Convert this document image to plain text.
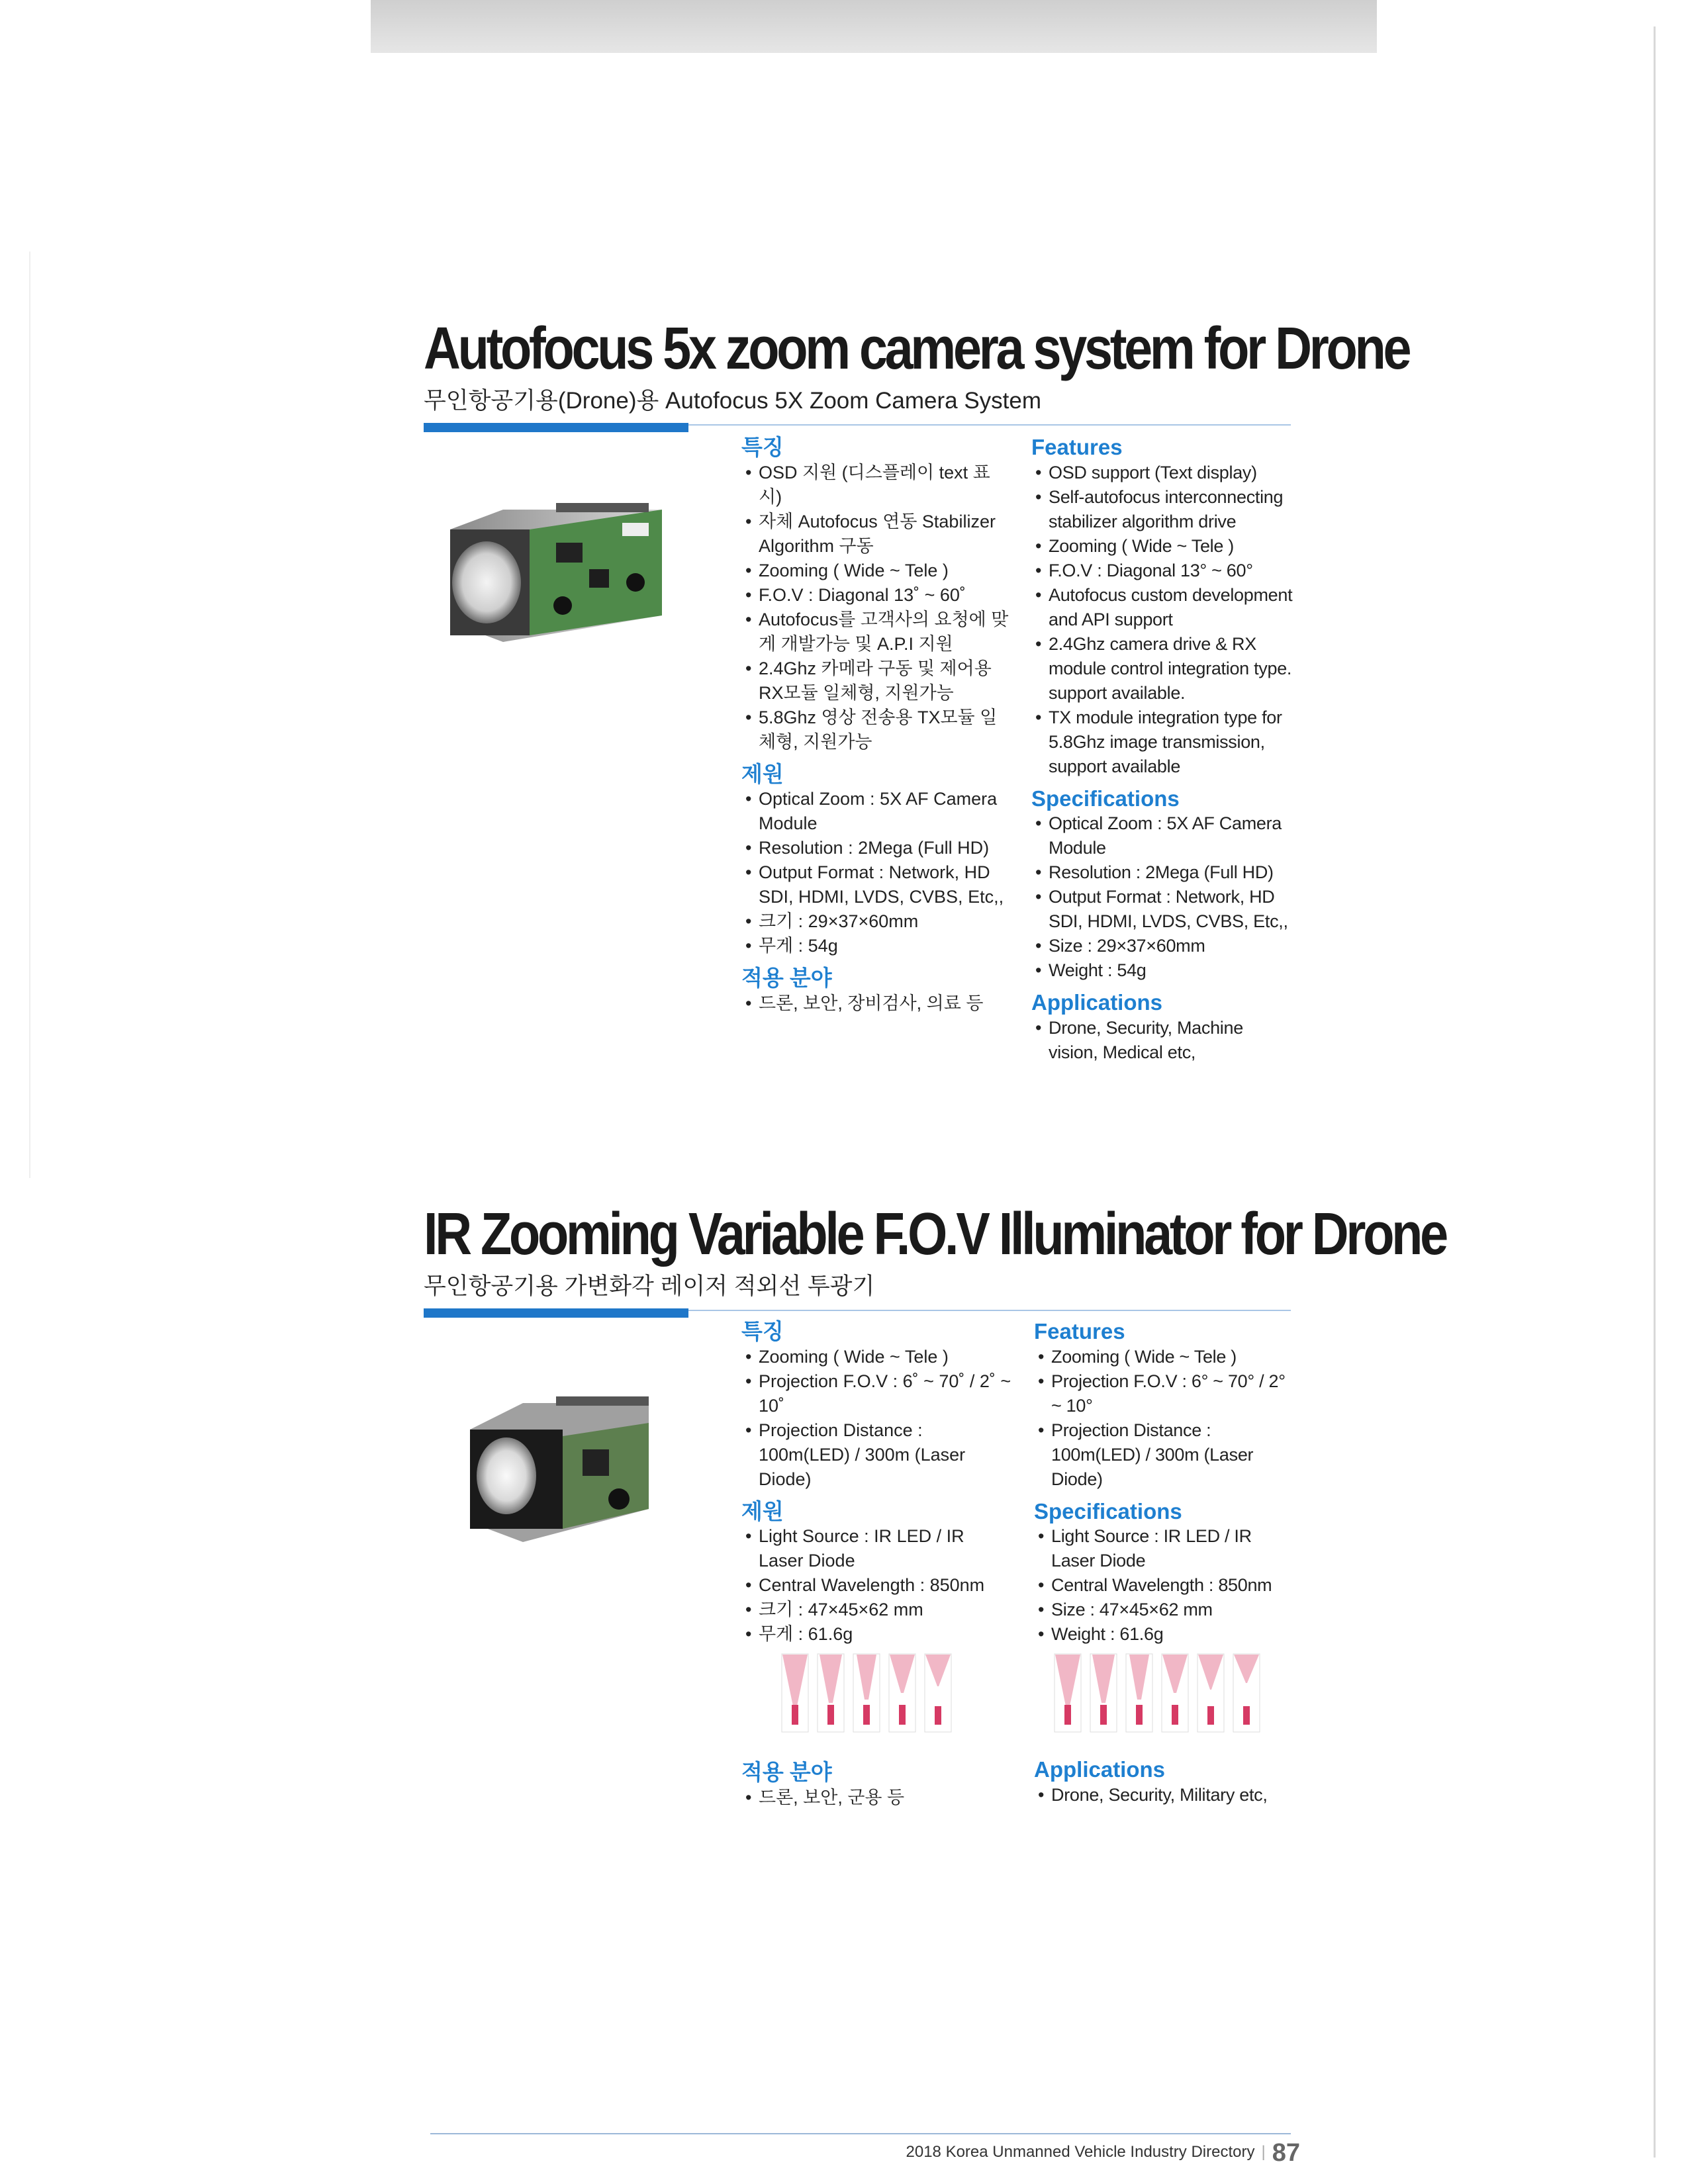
Autofocus 5x zoom camera system for Drone
무인항공기용(Drone)용 Autofocus 5X Zoom Camera System
특징
• OSD 지원 (디스플레이 text 표시)
• 자체 Autofocus 연동 Stabilizer Algorithm 구동
• Zooming ( Wide ~ Tele )
• F.O.V : Diagonal 13˚ ~ 60˚
• Autofocus를 고객사의 요청에 맞게 개발가능 및 A.P.I 지원
• 2.4Ghz 카메라 구동 및 제어용 RX모듈 일체형, 지원가능
• 5.8Ghz 영상 전송용 TX모듈 일체형, 지원가능
제원
• Optical Zoom : 5X AF Camera Module
• Resolution : 2Mega (Full HD)
• Output Format : Network, HD SDI, HDMI, LVDS, CVBS, Etc,,
• 크기 : 29×37×60mm
• 무게 : 54g
적용 분야
• 드론, 보안, 장비검사, 의료 등
Features
• OSD support (Text display)
• Self-autofocus interconnecting stabilizer algorithm drive
• Zooming ( Wide ~ Tele )
• F.O.V : Diagonal 13° ~ 60°
• Autofocus custom development and API support
• 2.4Ghz camera drive & RX module control integration type. support available.
• TX module integration type for 5.8Ghz image transmission, support available
Specifications
• Optical Zoom : 5X AF Camera Module
• Resolution : 2Mega (Full HD)
• Output Format : Network, HD SDI, HDMI, LVDS, CVBS, Etc,,
• Size : 29×37×60mm
• Weight : 54g
Applications
• Drone, Security, Machine vision, Medical etc,
IR Zooming Variable F.O.V Illuminator for Drone
무인항공기용 가변화각 레이저 적외선 투광기
특징
• Zooming ( Wide ~ Tele )
• Projection F.O.V : 6˚ ~ 70˚ / 2˚ ~ 10˚
• Projection Distance : 100m(LED) / 300m (Laser Diode)
제원
• Light Source : IR LED / IR Laser Diode
• Central Wavelength : 850nm
• 크기 : 47×45×62 mm
• 무게 : 61.6g
적용 분야
• 드론, 보안, 군용 등
Features
• Zooming ( Wide ~ Tele )
• Projection F.O.V : 6° ~ 70° / 2° ~ 10°
• Projection Distance : 100m(LED) / 300m (Laser Diode)
Specifications
• Light Source : IR LED / IR Laser Diode
• Central Wavelength : 850nm
• Size : 47×45×62 mm
• Weight : 61.6g
Applications
• Drone, Security, Military etc,
2018 Korea Unmanned Vehicle Industry Directory | 87
